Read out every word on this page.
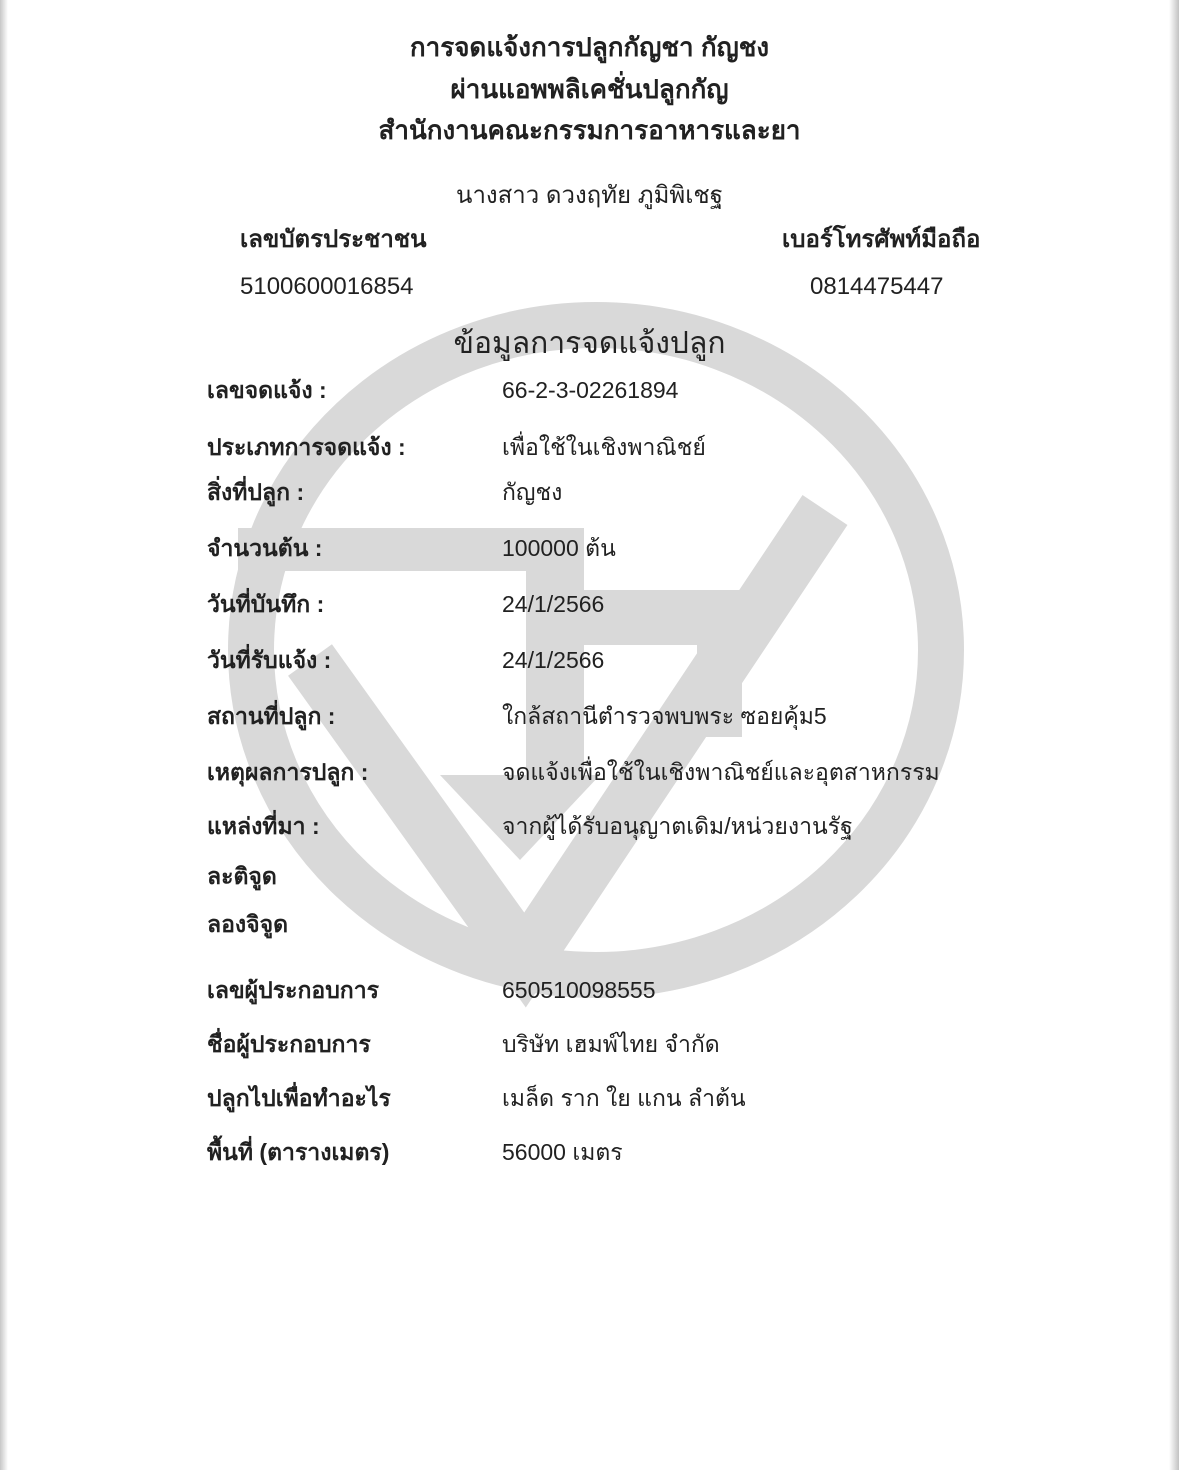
การจดแจ้งการปลูกกัญชา กัญชง
ผ่านแอพพลิเคชั่นปลูกกัญ
สำนักงานคณะกรรมการอาหารและยา
นางสาว ดวงฤทัย ภูมิพิเชฐ
เลขบัตรประชาชน	เบอร์โทรศัพท์มือถือ
5100600016854	0814475447
ข้อมูลการจดแจ้งปลูก
เลขจดแจ้ง :	66-2-3-02261894
ประเภทการจดแจ้ง :	เพื่อใช้ในเชิงพาณิชย์
สิ่งที่ปลูก :	กัญชง
จำนวนต้น :	100000 ต้น
วันที่บันทึก :	24/1/2566
วันที่รับแจ้ง :	24/1/2566
สถานที่ปลูก :	ใกล้สถานีตำรวจพบพระ ซอยคุ้ม5
เหตุผลการปลูก :	จดแจ้งเพื่อใช้ในเชิงพาณิชย์และอุตสาหกรรม
แหล่งที่มา :	จากผู้ได้รับอนุญาตเดิม/หน่วยงานรัฐ
ละติจูด
ลองจิจูด
เลขผู้ประกอบการ	650510098555
ชื่อผู้ประกอบการ	บริษัท เฮมพ์ไทย จำกัด
ปลูกไปเพื่อทำอะไร	เมล็ด ราก ใย แกน ลำต้น
พื้นที่ (ตารางเมตร)	56000 เมตร
